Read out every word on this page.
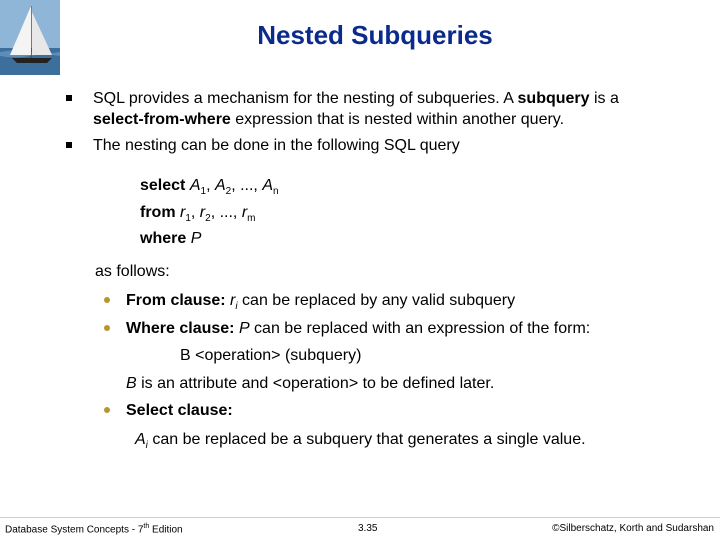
Nested Subqueries
SQL provides a mechanism for the nesting of subqueries. A subquery is a
select-from-where expression that is nested within another query.
The nesting can be done in the following SQL query
select $A_1$, $A_2$, ..., $A_n$
from $r_1$, $r_2$, ..., $r_m$
where P
as follows:
From clause: $r_i$ can be replaced by any valid subquery
Where clause: P can be replaced with an expression of the form:
B <operation> (subquery)
B is an attribute and <operation> to be defined later.
Select clause:
$A_i$ can be replaced be a subquery that generates a single value.
Database System Concepts - 7th Edition	3.35	©Silberschatz, Korth and Sudarshan
